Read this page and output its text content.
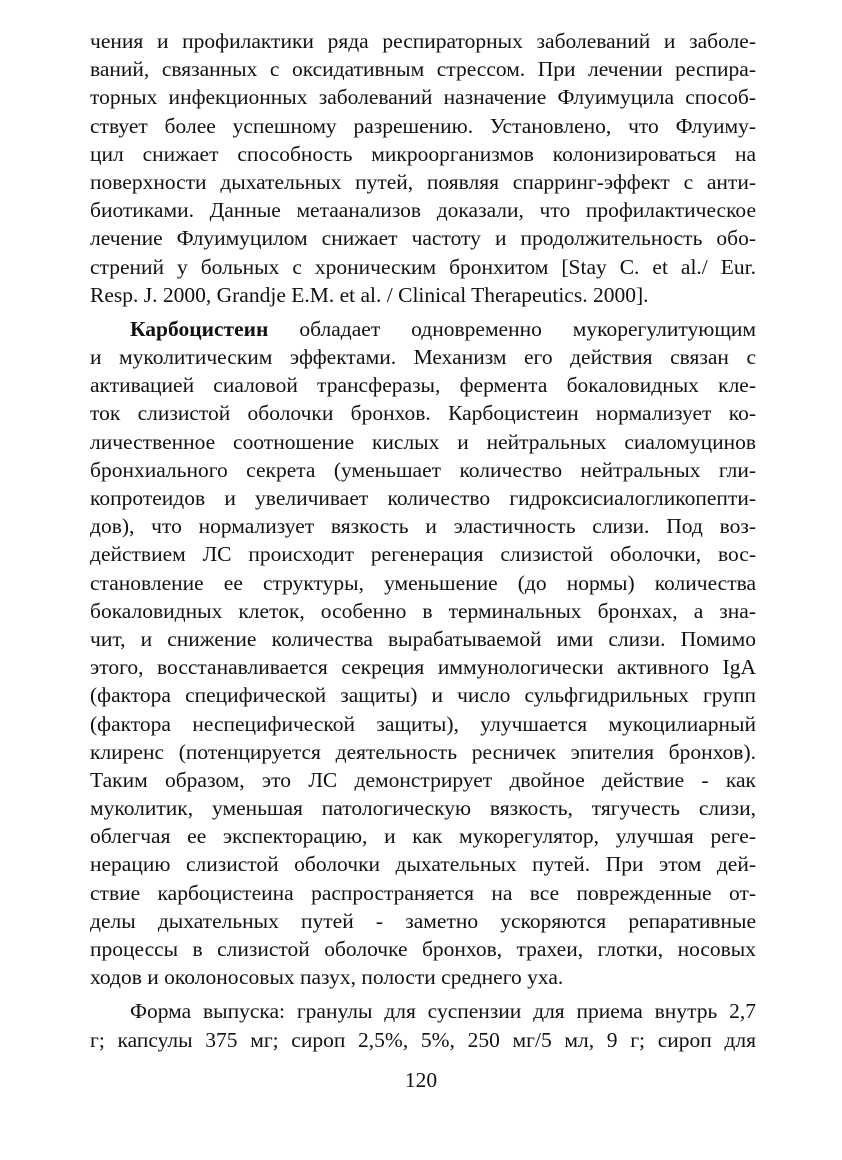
чения и профилактики ряда респираторных заболеваний и заболе-
ваний, связанных с оксидативным стрессом. При лечении респира-
торных инфекционных заболеваний назначение Флуимуцила способ-
ствует более успешному разрешению. Установлено, что Флуиму-
цил снижает способность микроорганизмов колонизироваться на
поверхности дыхательных путей, появляя спарринг-эффект с анти-
биотиками. Данные метаанализов доказали, что профилактическое
лечение Флуимуцилом снижает частоту и продолжительность обо-
стрений у больных с хроническим бронхитом [Stay C. et al./ Eur.
Resp. J. 2000, Grandje E.M. et al. / Clinical Therapeutics. 2000].
Карбоцистеин обладает одновременно мукорегулитующим
и муколитическим эффектами. Механизм его действия связан с
активацией сиаловой трансферазы, фермента бокаловидных кле-
ток слизистой оболочки бронхов. Карбоцистеин нормализует ко-
личественное соотношение кислых и нейтральных сиаломуцинов
бронхиального секрета (уменьшает количество нейтральных гли-
копротеидов и увеличивает количество гидроксисиалогликопепти-
дов), что нормализует вязкость и эластичность слизи. Под воз-
действием ЛС происходит регенерация слизистой оболочки, вос-
становление ее структуры, уменьшение (до нормы) количества
бокаловидных клеток, особенно в терминальных бронхах, а зна-
чит, и снижение количества вырабатываемой ими слизи. Помимо
этого, восстанавливается секреция иммунологически активного IgA
(фактора специфической защиты) и число сульфгидрильных групп
(фактора неспецифической защиты), улучшается мукоцилиарный
клиренс (потенцируется деятельность ресничек эпителия бронхов).
Таким образом, это ЛС демонстрирует двойное действие - как
муколитик, уменьшая патологическую вязкость, тягучесть слизи,
облегчая ее экспекторацию, и как мукорегулятор, улучшая реге-
нерацию слизистой оболочки дыхательных путей. При этом дей-
ствие карбоцистеина распространяется на все поврежденные от-
делы дыхательных путей - заметно ускоряются репаративные
процессы в слизистой оболочке бронхов, трахеи, глотки, носовых
ходов и околоносовых пазух, полости среднего уха.
Форма выпуска: гранулы для суспензии для приема внутрь 2,7
г; капсулы 375 мг; сироп 2,5%, 5%, 250 мг/5 мл, 9 г; сироп для
120
